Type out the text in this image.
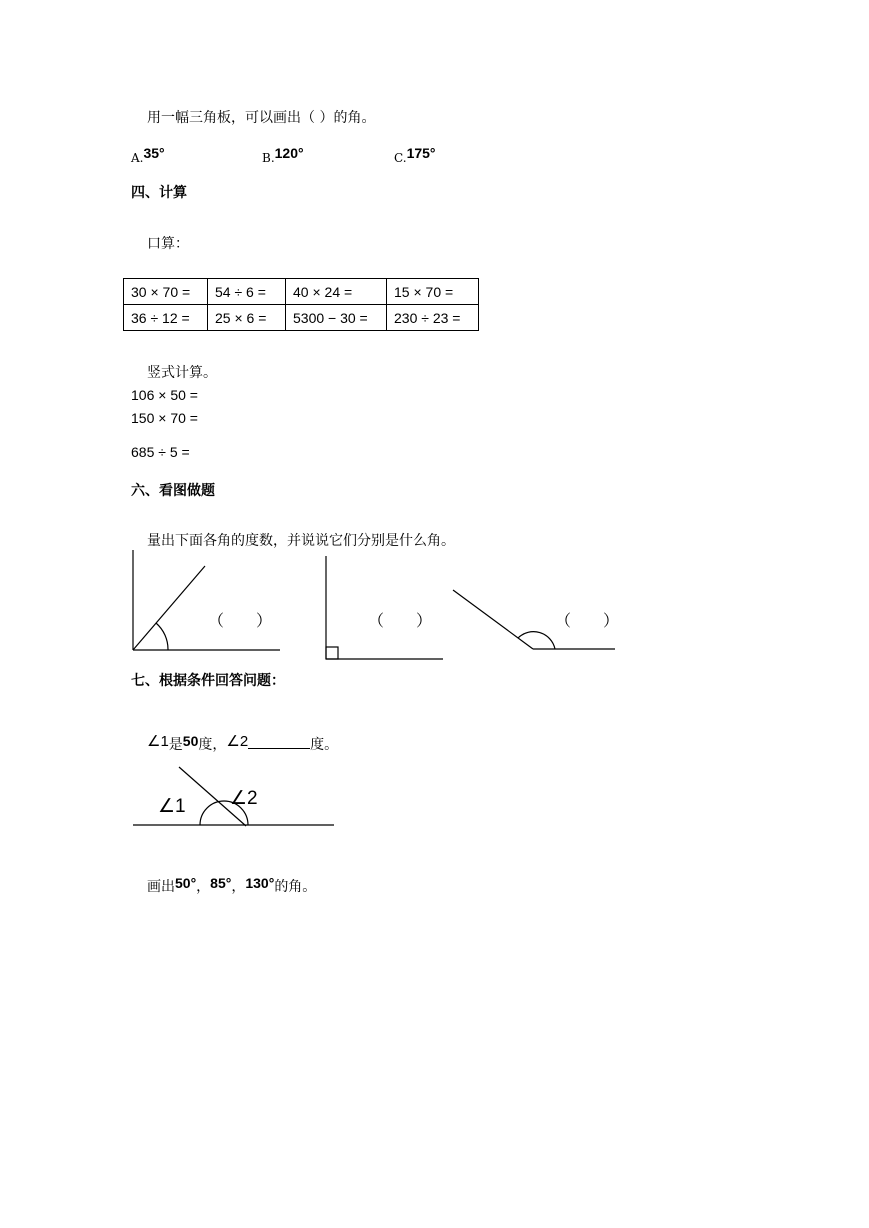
用一幅三角板，可以画出（ ）的角。
A.35°	B.120°	C.175°
四、计算
口算：
30 × 70 =	54 ÷ 6 =	40 × 24 =	15 × 70 =
36 ÷ 12 =	25 × 6 =	5300 − 30 =	230 ÷ 23 =
竖式计算。
106 × 50 =
150 × 70 =
685 ÷ 5 =
六、看图做题
量出下面各角的度数，并说说它们分别是什么角。
（　　）	（　　）	（　　）
七、根据条件回答问题：
∠1是50度，∠2	度。
∠1 ∠2
画出50°，85°，130°的角。
